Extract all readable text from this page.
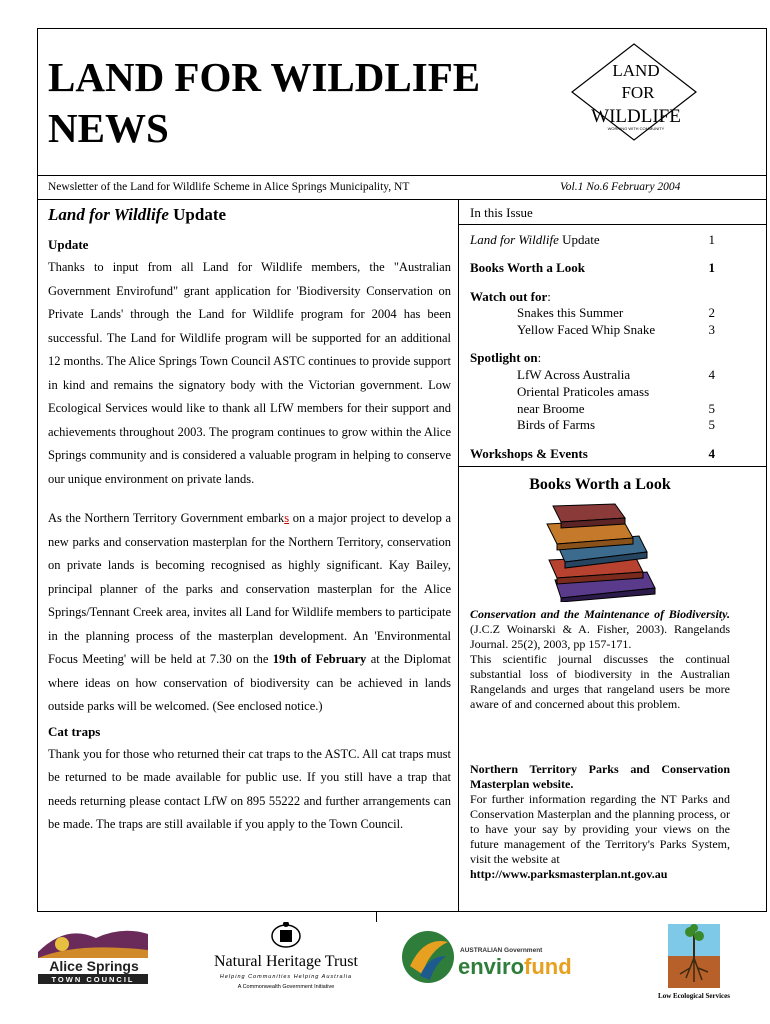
LAND FOR WILDLIFE
NEWS
LAND
FOR
WILDLIFE
WORKING WITH COMMUNITY
Newsletter of the Land for Wildlife Scheme in Alice Springs Municipality, NT	Vol.1 No.6 February 2004
Land for Wildlife Update
Update

Thanks to input from all Land for Wildlife members, the "Australian Government Envirofund" grant application for 'Biodiversity Conservation on Private Lands' through the Land for Wildlife program for 2004 has been successful. The Land for Wildlife program will be supported for an additional 12 months. The Alice Springs Town Council ASTC continues to provide support in kind and remains the signatory body with the Victorian government. Low Ecological Services would like to thank all LfW members for their support and achievements throughout 2003. The program continues to grow within the Alice Springs community and is considered a valuable program in helping to conserve our unique environment on private lands.

As the Northern Territory Government embarks on a major project to develop a new parks and conservation masterplan for the Northern Territory, conservation on private lands is becoming recognised as highly significant. Kay Bailey, principal planner of the parks and conservation masterplan for the Alice Springs/Tennant Creek area, invites all Land for Wildlife members to participate in the planning process of the masterplan development. An 'Environmental Focus Meeting' will be held at 7.30 on the 19th of February at the Diplomat where ideas on how conservation of biodiversity can be achieved in lands outside parks will be welcomed. (See enclosed notice.)

Cat traps

Thank you for those who returned their cat traps to the ASTC. All cat traps must be returned to be made available for public use. If you still have a trap that needs returning please contact LfW on 895 55222 and further arrangements can be made. The traps are still available if you apply to the Town Council.

In this Issue
Land for Wildlife Update	1
Books Worth a Look	1
Watch out for:
Snakes this Summer	2
Yellow Faced Whip Snake	3
Spotlight on:
LfW Across Australia	4
Oriental Praticoles amass
near Broome	5
Birds of Farms	5
Workshops & Events	4
Books Worth a Look
Conservation and the Maintenance of Biodiversity. (J.C.Z Woinarski & A. Fisher, 2003). Rangelands Journal. 25(2), 2003, pp 157-171.
This scientific journal discusses the continual substantial loss of biodiversity in the Australian Rangelands and urges that rangeland users be more aware of and concerned about this problem.
Northern Territory Parks and Conservation Masterplan website.
For further information regarding the NT Parks and Conservation Masterplan and the planning process, or to have your say by providing your views on the future management of the Territory's Parks System, visit the website at
http://www.parksmasterplan.nt.gov.au
Alice Springs
TOWN COUNCIL
Natural Heritage Trust
Helping Communities Helping Australia
A Commonwealth Government Initiative
AUSTRALIAN Government
envirofund
Low Ecological Services
